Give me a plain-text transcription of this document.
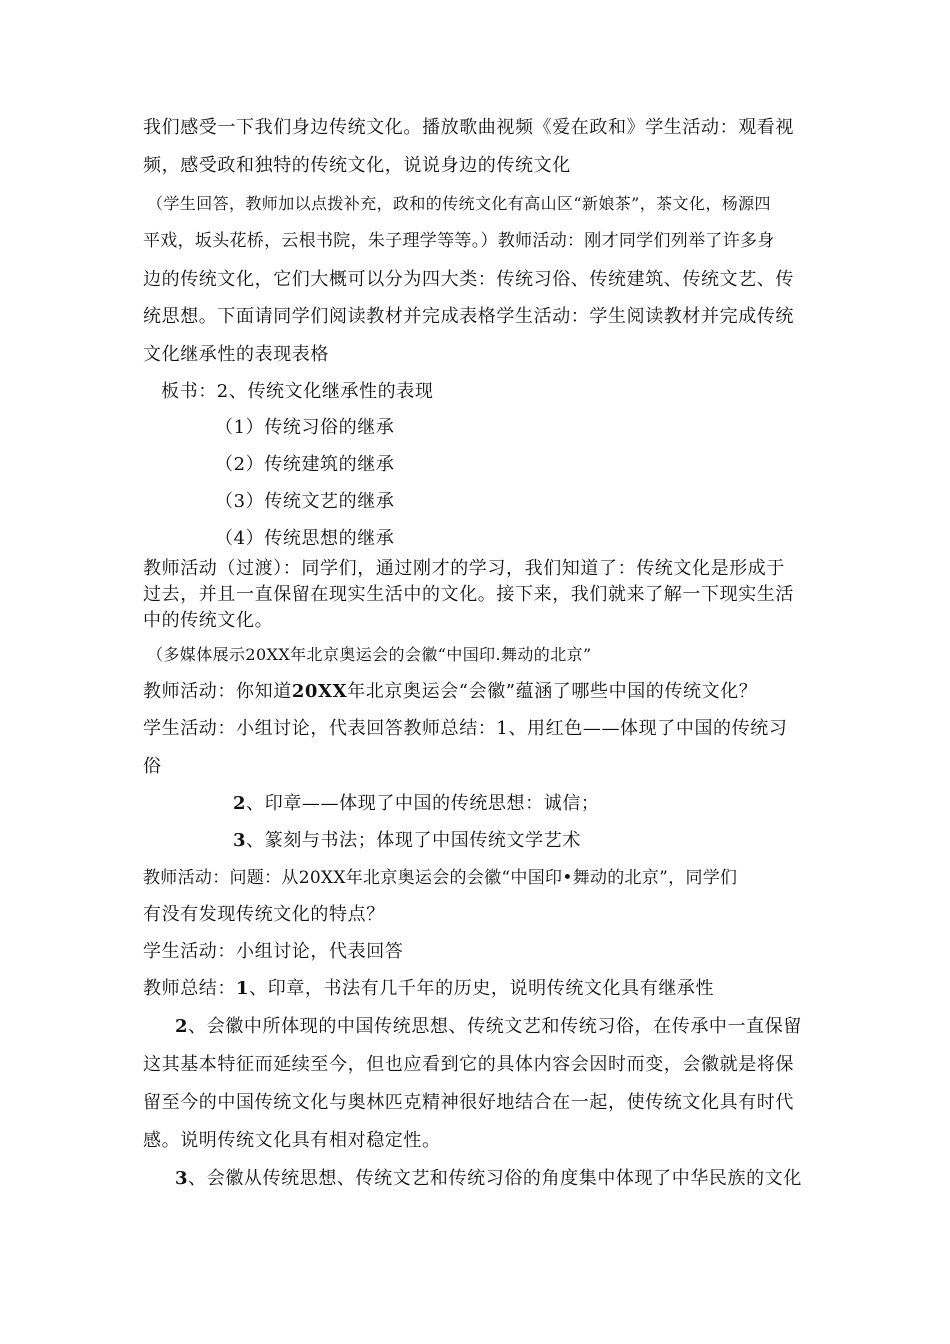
我们感受一下我们身边传统文化。播放歌曲视频《爱在政和》学生活动：观看视
频，感受政和独特的传统文化，说说身边的传统文化
（学生回答，教师加以点拨补充，政和的传统文化有高山区“新娘茶”，茶文化，杨源四
平戏，坂头花桥，云根书院，朱子理学等等。）教师活动：刚才同学们列举了许多身
边的传统文化，它们大概可以分为四大类：传统习俗、传统建筑、传统文艺、传
统思想。下面请同学们阅读教材并完成表格学生活动：学生阅读教材并完成传统
文化继承性的表现表格
板书：2、传统文化继承性的表现
（1）传统习俗的继承
（2）传统建筑的继承
（3）传统文艺的继承
（4）传统思想的继承
教师活动（过渡）：同学们，通过刚才的学习，我们知道了：传统文化是形成于
过去，并且一直保留在现实生活中的文化。接下来，我们就来了解一下现实生活
中的传统文化。
（多媒体展示20XX年北京奥运会的会徽“中国印.舞动的北京”
教师活动：你知道20XX年北京奥运会“会徽”蕴涵了哪些中国的传统文化？
学生活动：小组讨论，代表回答教师总结：1、用红色——体现了中国的传统习
俗
2、印章——体现了中国的传统思想：诚信；
3、篆刻与书法；体现了中国传统文学艺术
教师活动：问题：从20XX年北京奥运会的会徽“中国印•舞动的北京”，同学们
有没有发现传统文化的特点？
学生活动：小组讨论，代表回答
教师总结：1、印章，书法有几千年的历史，说明传统文化具有继承性
2、会徽中所体现的中国传统思想、传统文艺和传统习俗，在传承中一直保留
这其基本特征而延续至今，但也应看到它的具体内容会因时而变，会徽就是将保
留至今的中国传统文化与奥林匹克精神很好地结合在一起，使传统文化具有时代
感。说明传统文化具有相对稳定性。
3、会徽从传统思想、传统文艺和传统习俗的角度集中体现了中华民族的文化
